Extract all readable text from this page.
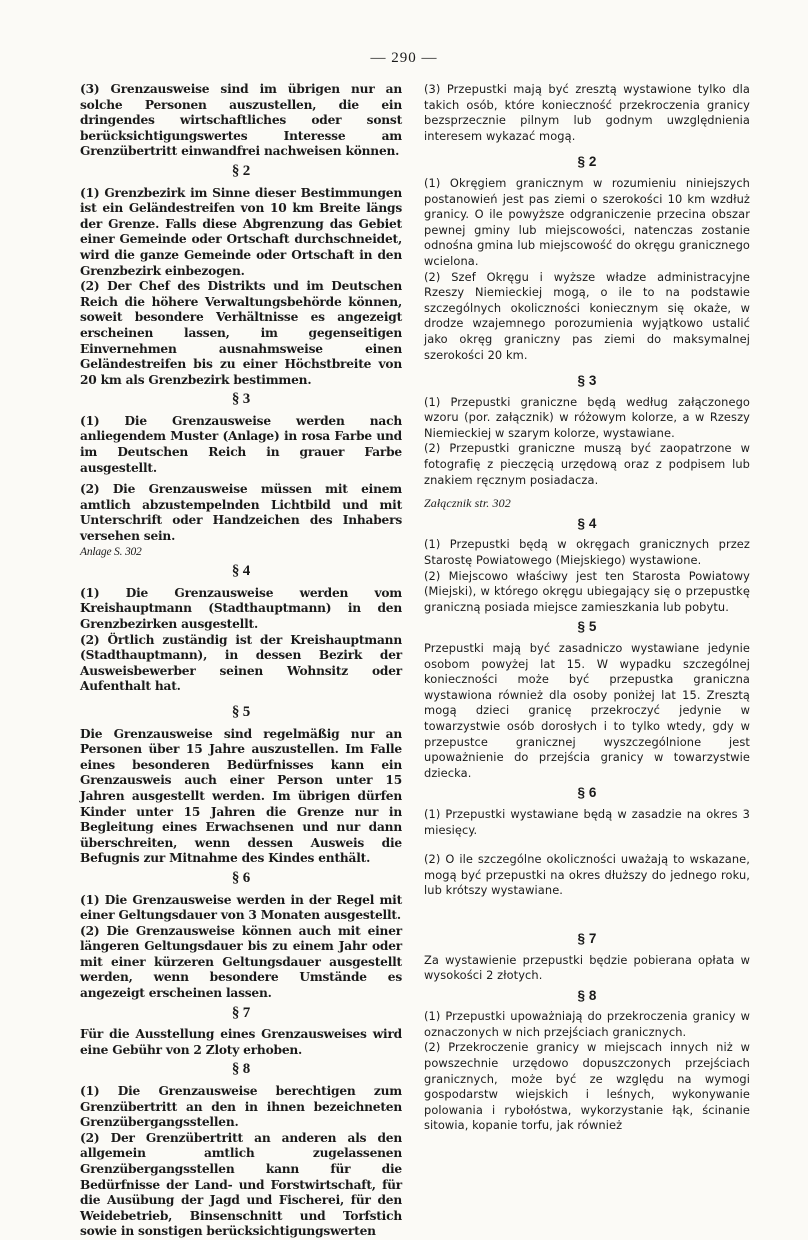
— 290 —

(3) Grenzausweise sind im übrigen nur an solche Personen auszustellen, die ein dringendes wirtschaftliches oder sonst berücksichtigungswertes Interesse am Grenzübertritt einwandfrei nachweisen können.

§ 2

(1) Grenzbezirk im Sinne dieser Bestimmungen ist ein Geländestreifen von 10 km Breite längs der Grenze. Falls diese Abgrenzung das Gebiet einer Gemeinde oder Ortschaft durchschneidet, wird die ganze Gemeinde oder Ortschaft in den Grenzbezirk einbezogen.

(2) Der Chef des Distrikts und im Deutschen Reich die höhere Verwaltungsbehörde können, soweit besondere Verhältnisse es angezeigt erscheinen lassen, im gegenseitigen Einvernehmen ausnahmsweise einen Geländestreifen bis zu einer Höchstbreite von 20 km als Grenzbezirk bestimmen.

§ 3

(1) Die Grenzausweise werden nach anliegendem Muster (Anlage) in rosa Farbe und im Deutschen Reich in grauer Farbe ausgestellt.

(2) Die Grenzausweise müssen mit einem amtlich abzustempelnden Lichtbild und mit Unterschrift oder Handzeichen des Inhabers versehen sein.

Anlage S. 302

§ 4

(1) Die Grenzausweise werden vom Kreishauptmann (Stadthauptmann) in den Grenzbezirken ausgestellt.

(2) Örtlich zuständig ist der Kreishauptmann (Stadthauptmann), in dessen Bezirk der Ausweisbewerber seinen Wohnsitz oder Aufenthalt hat.

§ 5

Die Grenzausweise sind regelmäßig nur an Personen über 15 Jahre auszustellen. Im Falle eines besonderen Bedürfnisses kann ein Grenzausweis auch einer Person unter 15 Jahren ausgestellt werden. Im übrigen dürfen Kinder unter 15 Jahren die Grenze nur in Begleitung eines Erwachsenen und nur dann überschreiten, wenn dessen Ausweis die Befugnis zur Mitnahme des Kindes enthält.

§ 6

(1) Die Grenzausweise werden in der Regel mit einer Geltungsdauer von 3 Monaten ausgestellt.

(2) Die Grenzausweise können auch mit einer längeren Geltungsdauer bis zu einem Jahr oder mit einer kürzeren Geltungsdauer ausgestellt werden, wenn besondere Umstände es angezeigt erscheinen lassen.

§ 7

Für die Ausstellung eines Grenzausweises wird eine Gebühr von 2 Zloty erhoben.

§ 8

(1) Die Grenzausweise berechtigen zum Grenzübertritt an den in ihnen bezeichneten Grenzübergangsstellen.

(2) Der Grenzübertritt an anderen als den allgemein amtlich zugelassenen Grenzübergangsstellen kann für die Bedürfnisse der Land- und Forstwirtschaft, für die Ausübung der Jagd und Fischerei, für den Weidebetrieb, Binsenschnitt und Torfstich sowie in sonstigen berücksichtigungswerten

(3) Przepustki mają być zresztą wystawione tylko dla takich osób, które konieczność przekroczenia granicy bezsprzecznie pilnym lub godnym uwzględnienia interesem wykazać mogą.

§ 2

(1) Okręgiem granicznym w rozumieniu niniejszych postanowień jest pas ziemi o szerokości 10 km wzdłuż granicy. O ile powyższe odgraniczenie przecina obszar pewnej gminy lub miejscowości, natenczas zostanie odnośna gmina lub miejscowość do okręgu granicznego wcielona.

(2) Szef Okręgu i wyższe władze administracyjne Rzeszy Niemieckiej mogą, o ile to na podstawie szczególnych okoliczności koniecznym się okaże, w drodze wzajemnego porozumienia wyjątkowo ustalić jako okręg graniczny pas ziemi do maksymalnej szerokości 20 km.

§ 3

(1) Przepustki graniczne będą według załączonego wzoru (por. załącznik) w różowym kolorze, a w Rzeszy Niemieckiej w szarym kolorze, wystawiane.

(2) Przepustki graniczne muszą być zaopatrzone w fotografię z pieczęcią urzędową oraz z podpisem lub znakiem ręcznym posiadacza.

Załącznik str. 302

§ 4

(1) Przepustki będą w okręgach granicznych przez Starostę Powiatowego (Miejskiego) wystawione.

(2) Miejscowo właściwy jest ten Starosta Powiatowy (Miejski), w którego okręgu ubiegający się o przepustkę graniczną posiada miejsce zamieszkania lub pobytu.

§ 5

Przepustki mają być zasadniczo wystawiane jedynie osobom powyżej lat 15. W wypadku szczególnej konieczności może być przepustka graniczna wystawiona również dla osoby poniżej lat 15. Zresztą mogą dzieci granicę przekroczyć jedynie w towarzystwie osób dorosłych i to tylko wtedy, gdy w przepustce granicznej wyszczególnione jest upoważnienie do przejścia granicy w towarzystwie dziecka.

§ 6

(1) Przepustki wystawiane będą w zasadzie na okres 3 miesięcy.

(2) O ile szczególne okoliczności uważają to wskazane, mogą być przepustki na okres dłuższy do jednego roku, lub krótszy wystawiane.

§ 7

Za wystawienie przepustki będzie pobierana opłata w wysokości 2 złotych.

§ 8

(1) Przepustki upoważniają do przekroczenia granicy w oznaczonych w nich przejściach granicznych.

(2) Przekroczenie granicy w miejscach innych niż w powszechnie urzędowo dopuszczonych przejściach granicznych, może być ze względu na wymogi gospodarstw wiejskich i leśnych, wykonywanie polowania i rybołóstwa, wykorzystanie łąk, ścinanie sitowia, kopanie torfu, jak również
